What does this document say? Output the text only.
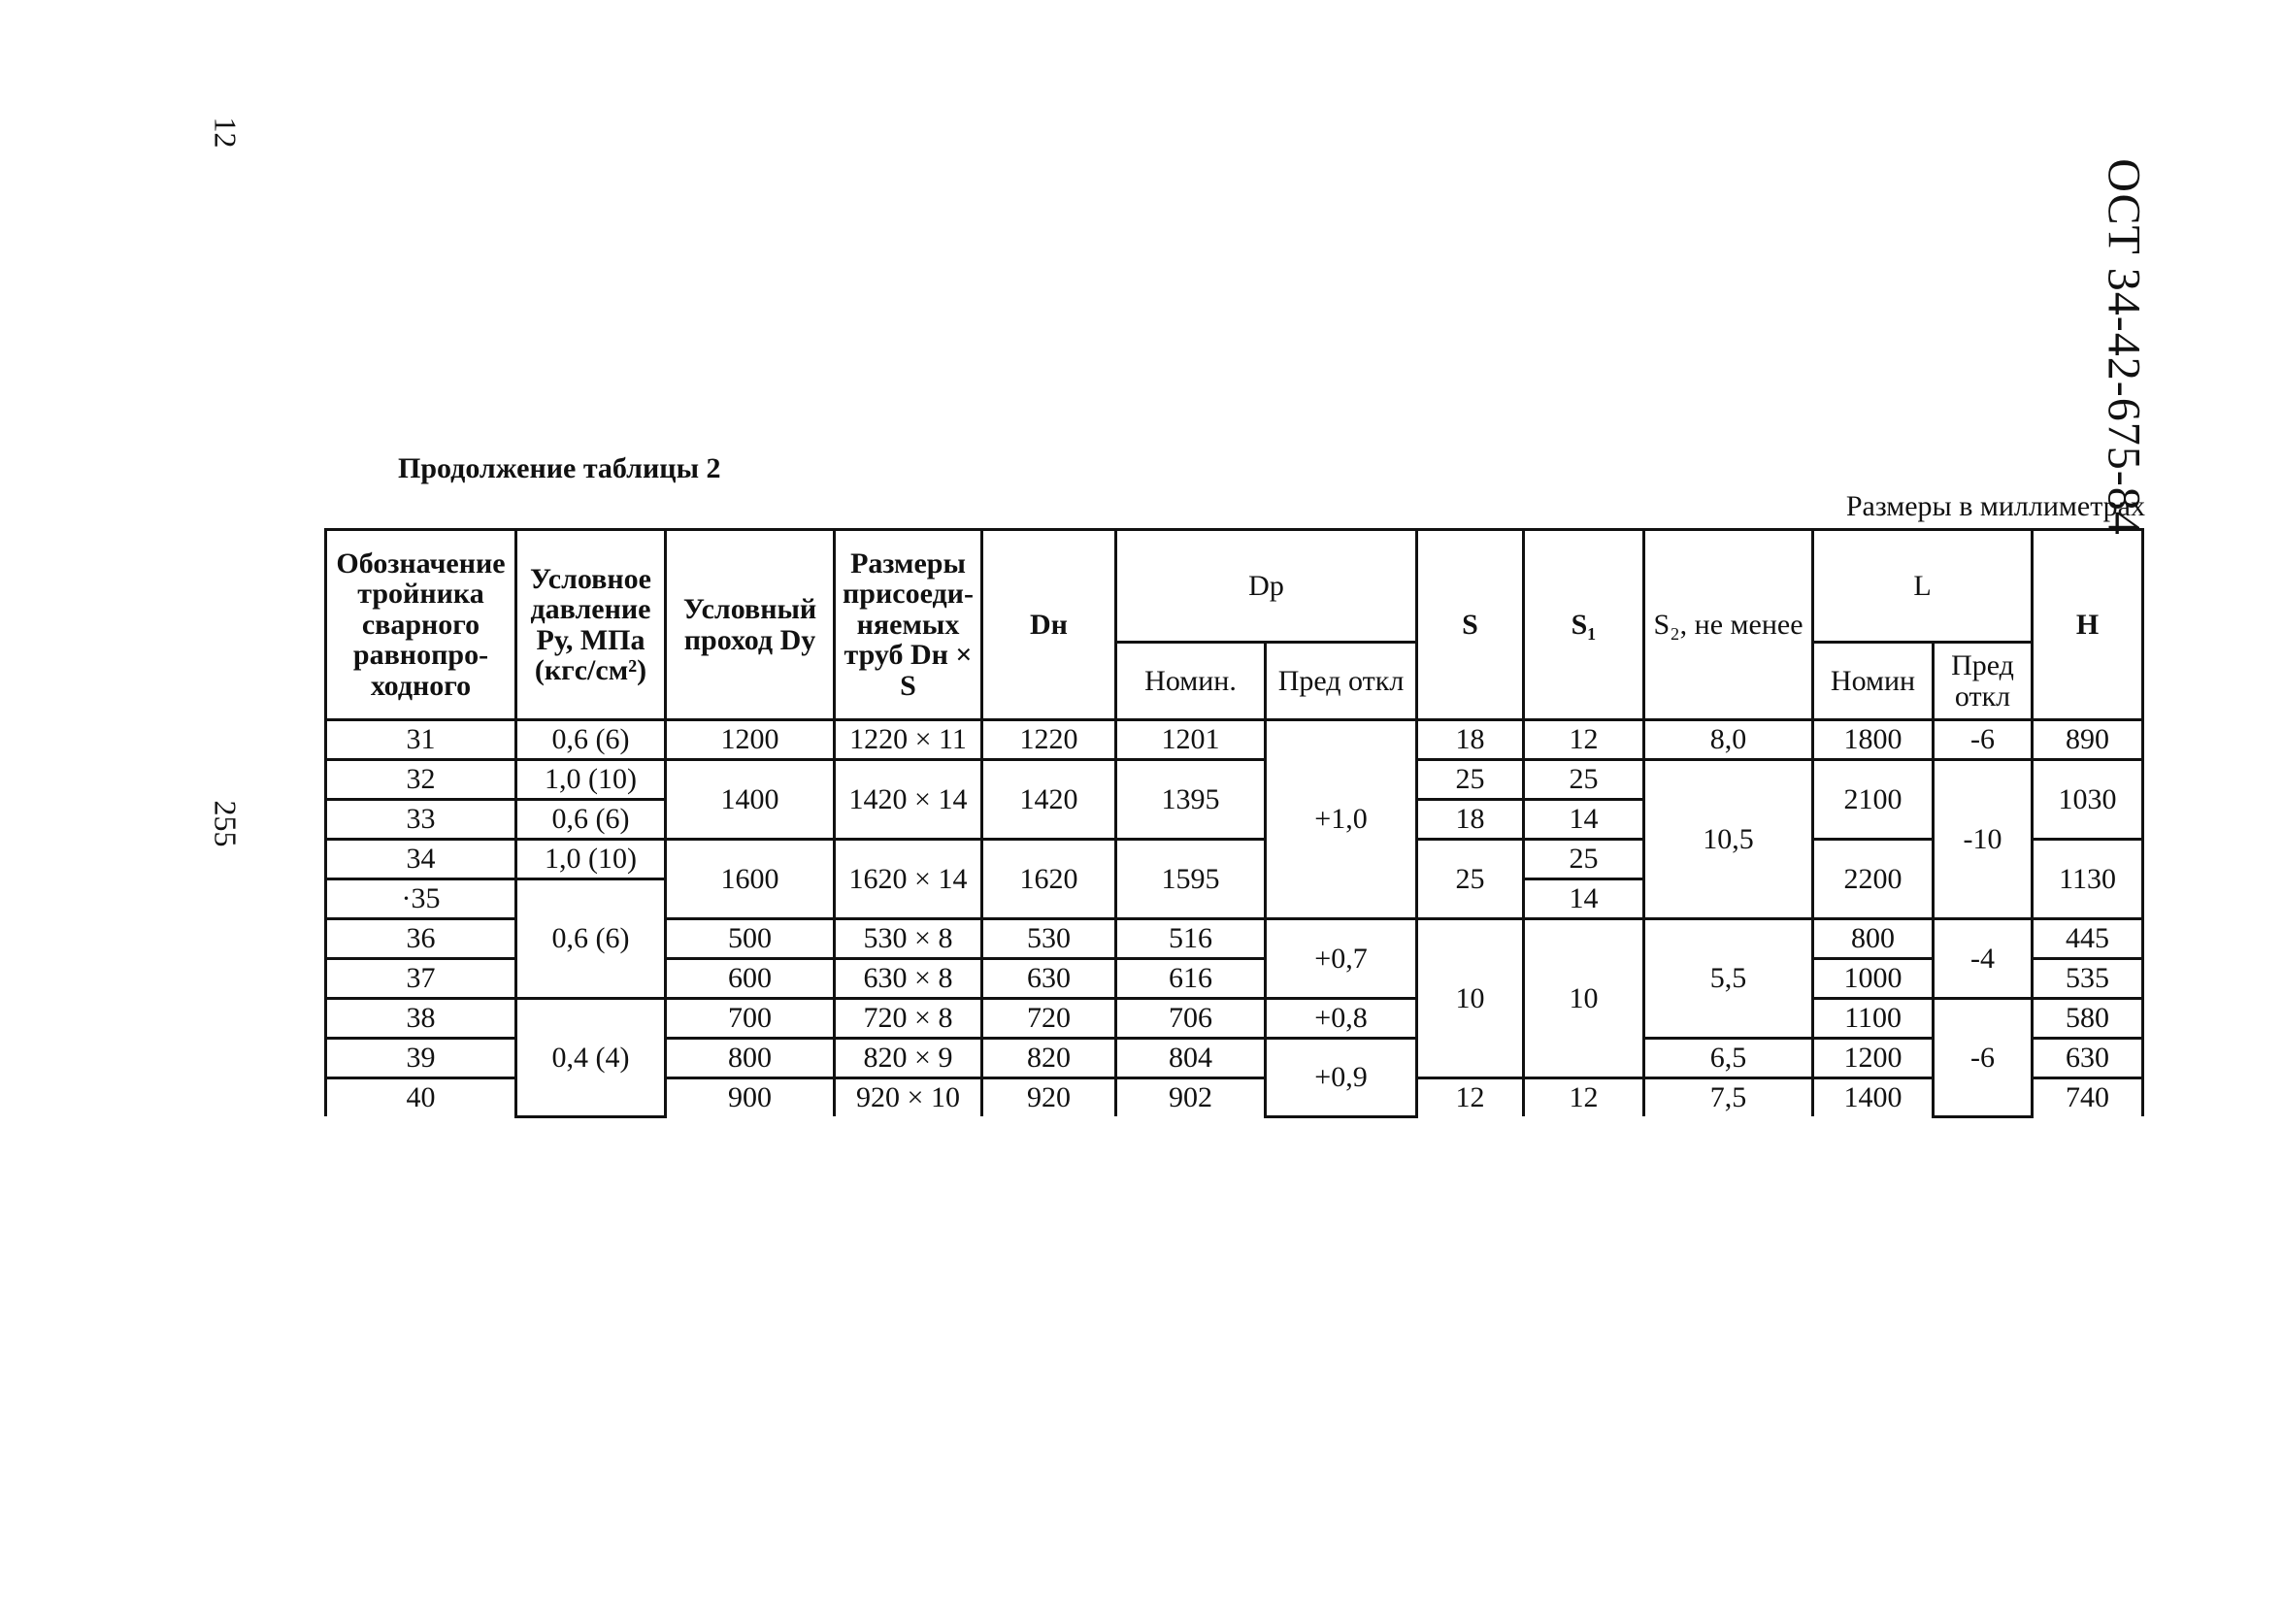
ОСТ 34-42-675-84
12
255
Продолжение таблицы 2
Размеры в миллиметрах
Обозначение тройника сварного равнопро- ходного	Условное давление Ру, МПа (кгс/см²)	Условный проход Dу	Размеры присоеди- няемых труб Dн × S	Dн	Dр		S	S₁	S₂, не менее	L		H
					Номин.	Пред откл				Номин	Пред откл	
31	0,6 (6)	1200	1220 × 11	1220	1201	+1,0	18	12	8,0	1800	-6	890
32	1,0 (10)	1400	1420 × 14	1420	1395		25	25	10,5	2100	-10	1030
33	0,6 (6)						18	14				
34	1,0 (10)	1600	1620 × 14	1620	1595		25	25		2200		1130
·35	0,6 (6)							14				
36		500	530 × 8	530	516	+0,7	10	10	5,5	800	-4	445
37		600	630 × 8	630	616					1000		535
38	0,4 (4)	700	720 × 8	720	706	+0,8				1100	-6	580
39		800	820 × 9	820	804	+0,9			6,5	1200		630
40		900	920 × 10	920	902		12	12	7,5	1400		740
